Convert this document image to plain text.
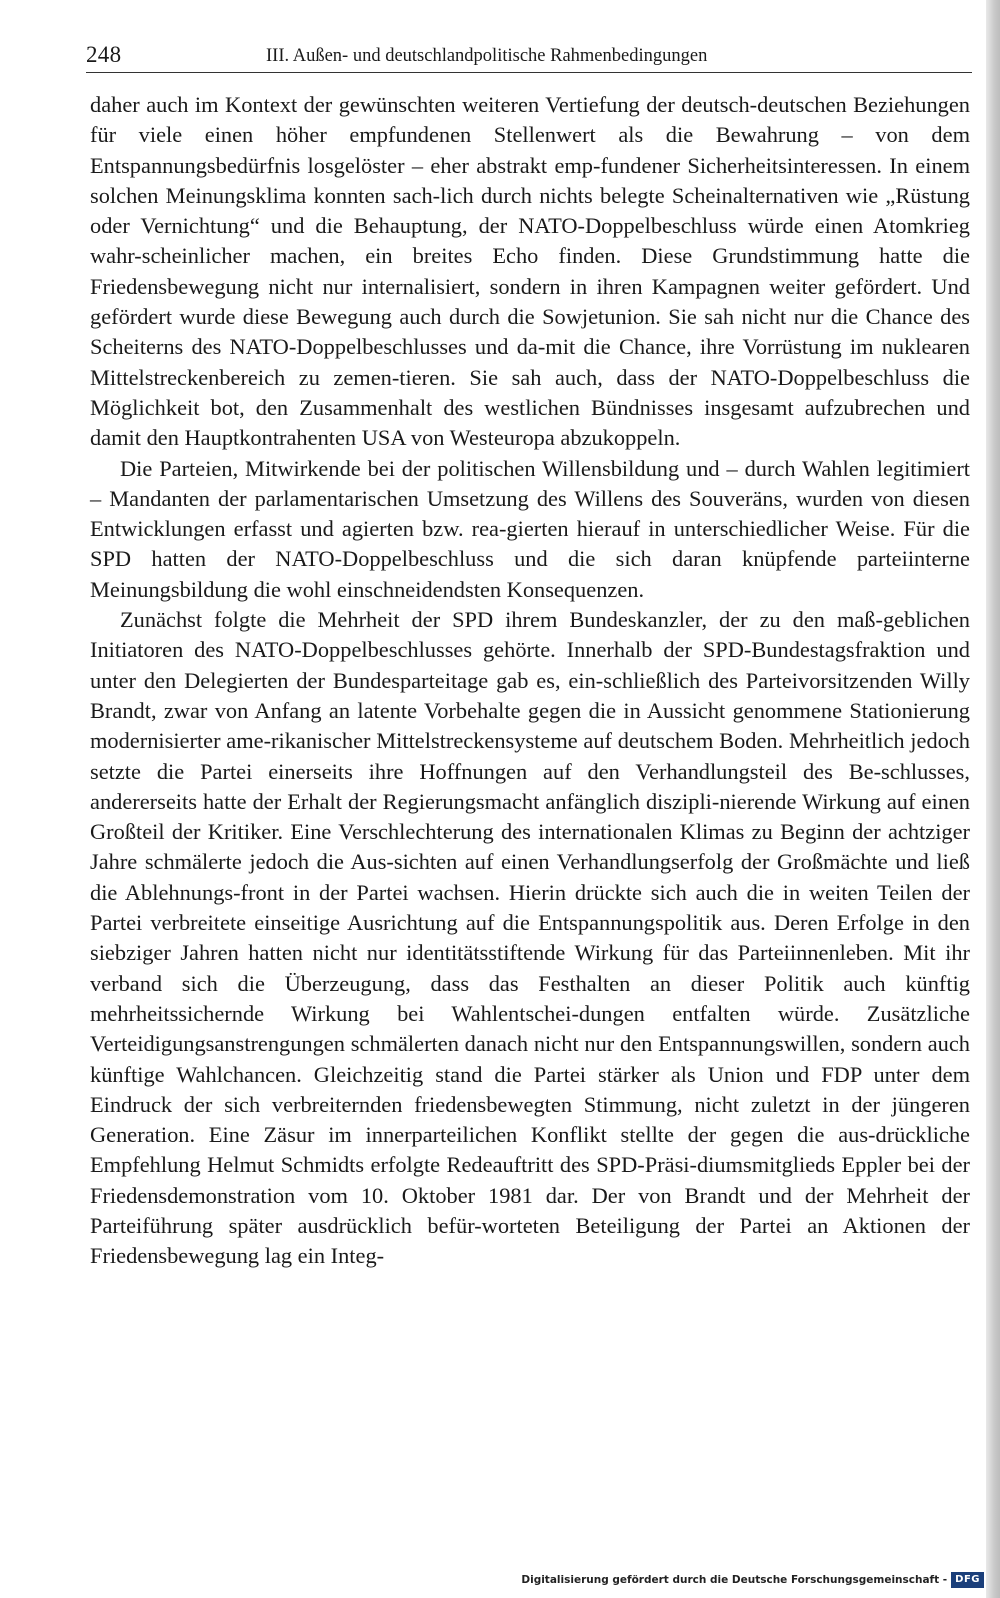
248	III. Außen- und deutschlandpolitische Rahmenbedingungen

daher auch im Kontext der gewünschten weiteren Vertiefung der deutsch-deutschen Beziehungen für viele einen höher empfundenen Stellenwert als die Bewahrung – von dem Entspannungsbedürfnis losgelöster – eher abstrakt emp-fundener Sicherheitsinteressen. In einem solchen Meinungsklima konnten sach-lich durch nichts belegte Scheinalternativen wie „Rüstung oder Vernichtung“ und die Behauptung, der NATO-Doppelbeschluss würde einen Atomkrieg wahr-scheinlicher machen, ein breites Echo finden. Diese Grundstimmung hatte die Friedensbewegung nicht nur internalisiert, sondern in ihren Kampagnen weiter gefördert. Und gefördert wurde diese Bewegung auch durch die Sowjetunion. Sie sah nicht nur die Chance des Scheiterns des NATO-Doppelbeschlusses und da-mit die Chance, ihre Vorrüstung im nuklearen Mittelstreckenbereich zu zemen-tieren. Sie sah auch, dass der NATO-Doppelbeschluss die Möglichkeit bot, den Zusammenhalt des westlichen Bündnisses insgesamt aufzubrechen und damit den Hauptkontrahenten USA von Westeuropa abzukoppeln.

Die Parteien, Mitwirkende bei der politischen Willensbildung und – durch Wahlen legitimiert – Mandanten der parlamentarischen Umsetzung des Willens des Souveräns, wurden von diesen Entwicklungen erfasst und agierten bzw. rea-gierten hierauf in unterschiedlicher Weise. Für die SPD hatten der NATO-Doppelbeschluss und die sich daran knüpfende parteiinterne Meinungsbildung die wohl einschneidendsten Konsequenzen.

Zunächst folgte die Mehrheit der SPD ihrem Bundeskanzler, der zu den maß-geblichen Initiatoren des NATO-Doppelbeschlusses gehörte. Innerhalb der SPD-Bundestagsfraktion und unter den Delegierten der Bundesparteitage gab es, ein-schließlich des Parteivorsitzenden Willy Brandt, zwar von Anfang an latente Vorbehalte gegen die in Aussicht genommene Stationierung modernisierter ame-rikanischer Mittelstreckensysteme auf deutschem Boden. Mehrheitlich jedoch setzte die Partei einerseits ihre Hoffnungen auf den Verhandlungsteil des Be-schlusses, andererseits hatte der Erhalt der Regierungsmacht anfänglich diszipli-nierende Wirkung auf einen Großteil der Kritiker. Eine Verschlechterung des internationalen Klimas zu Beginn der achtziger Jahre schmälerte jedoch die Aus-sichten auf einen Verhandlungserfolg der Großmächte und ließ die Ablehnungs-front in der Partei wachsen. Hierin drückte sich auch die in weiten Teilen der Partei verbreitete einseitige Ausrichtung auf die Entspannungspolitik aus. Deren Erfolge in den siebziger Jahren hatten nicht nur identitätsstiftende Wirkung für das Parteiinnenleben. Mit ihr verband sich die Überzeugung, dass das Festhalten an dieser Politik auch künftig mehrheitssichernde Wirkung bei Wahlentschei-dungen entfalten würde. Zusätzliche Verteidigungsanstrengungen schmälerten danach nicht nur den Entspannungswillen, sondern auch künftige Wahlchancen. Gleichzeitig stand die Partei stärker als Union und FDP unter dem Eindruck der sich verbreiternden friedensbewegten Stimmung, nicht zuletzt in der jüngeren Generation. Eine Zäsur im innerparteilichen Konflikt stellte der gegen die aus-drückliche Empfehlung Helmut Schmidts erfolgte Redeauftritt des SPD-Präsi-diumsmitglieds Eppler bei der Friedensdemonstration vom 10. Oktober 1981 dar. Der von Brandt und der Mehrheit der Parteiführung später ausdrücklich befür-worteten Beteiligung der Partei an Aktionen der Friedensbewegung lag ein Integ-

Digitalisierung gefördert durch die Deutsche Forschungsgemeinschaft - DFG
